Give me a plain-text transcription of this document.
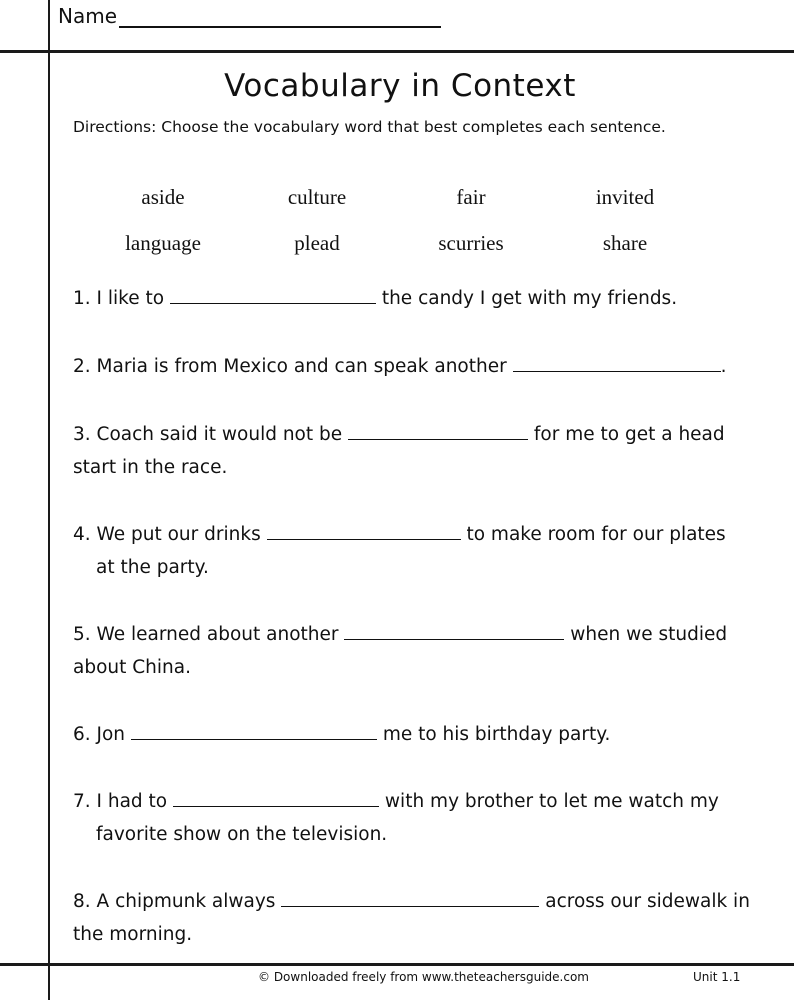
Name
Vocabulary in Context
Directions: Choose the vocabulary word that best completes each sentence.
aside	culture	fair	invited
language	plead	scurries	share
1. I like to	the candy I get with my friends.
2. Maria is from Mexico and can speak another	.
3. Coach said it would not be	for me to get a head
start in the race.
4. We put our drinks	to make room for our plates
at the party.
5. We learned about another	when we studied
about China.
6. Jon	me to his birthday party.
7. I had to	with my brother to let me watch my
favorite show on the television.
8. A chipmunk always	across our sidewalk in
the morning.
© Downloaded freely from www.theteachersguide.com	Unit 1.1
